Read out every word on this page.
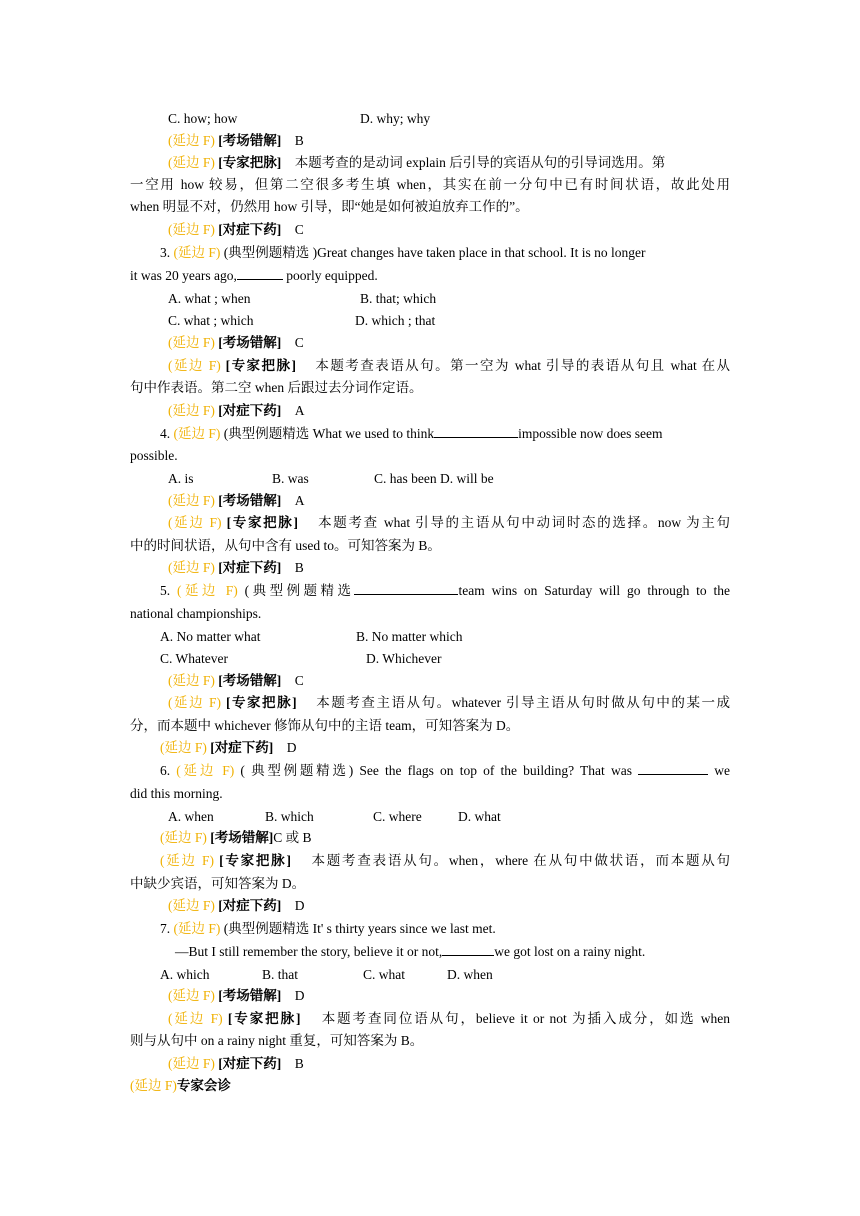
C. how; how	D. why; why
(延边 F) [考场错解] B
(延边 F) [专家把脉] 本题考查的是动词 explain 后引导的宾语从句的引导词选用。第
一空用 how 较易，但第二空很多考生填 when，其实在前一分句中已有时间状语，故此处用
when 明显不对，仍然用 how 引导，即“她是如何被迫放弃工作的”。
(延边 F) [对症下药] C
3. (延边 F) (典型例题精选 )Great changes have taken place in that school. It is no longer
it was 20 years ago,	poorly equipped.
A. what ; when	B. that; which
C. what ; which	D. which ; that
(延边 F) [考场错解] C
(延边 F) [专家把脉] 本题考查表语从句。第一空为 what 引导的表语从句且 what 在从
句中作表语。第二空 when 后跟过去分词作定语。
(延边 F) [对症下药] A
4. (延边 F) (典型例题精选 What we used to think	impossible now does seem
possible.
A. is	B. was	C. has been D. will be
(延边 F) [考场错解] A
(延边 F) [专家把脉] 本题考查 what 引导的主语从句中动词时态的选择。now 为主句
中的时间状语，从句中含有 used to。可知答案为 B。
(延边 F) [对症下药] B
5. (延边 F) (典型例题精选	team wins on Saturday will go through to the
national championships.
A. No matter what	B. No matter which
C. Whatever	D. Whichever
(延边 F) [考场错解] C
(延边 F) [专家把脉] 本题考查主语从句。whatever 引导主语从句时做从句中的某一成
分，而本题中 whichever 修饰从句中的主语 team，可知答案为 D。
(延边 F) [对症下药] D
6. (延边 F) ( 典型例题精选) See the flags on top of the building? That was	we
did this morning.
A. when	B. which	C. where	D. what
(延边 F) [考场错解]C 或 B
(延边 F) [专家把脉] 本题考查表语从句。when，where 在从句中做状语，而本题从句
中缺少宾语，可知答案为 D。
(延边 F) [对症下药] D
7. (延边 F) (典型例题精选 It' s thirty years since we last met.
—But I still remember the story, believe it or not,	we got lost on a rainy night.
A. which	B. that	C. what	D. when
(延边 F) [考场错解] D
(延边 F) [专家把脉] 本题考查同位语从句，believe it or not 为插入成分，如选 when
则与从句中 on a rainy night 重复，可知答案为 B。
(延边 F) [对症下药] B
(延边 F)专家会诊
